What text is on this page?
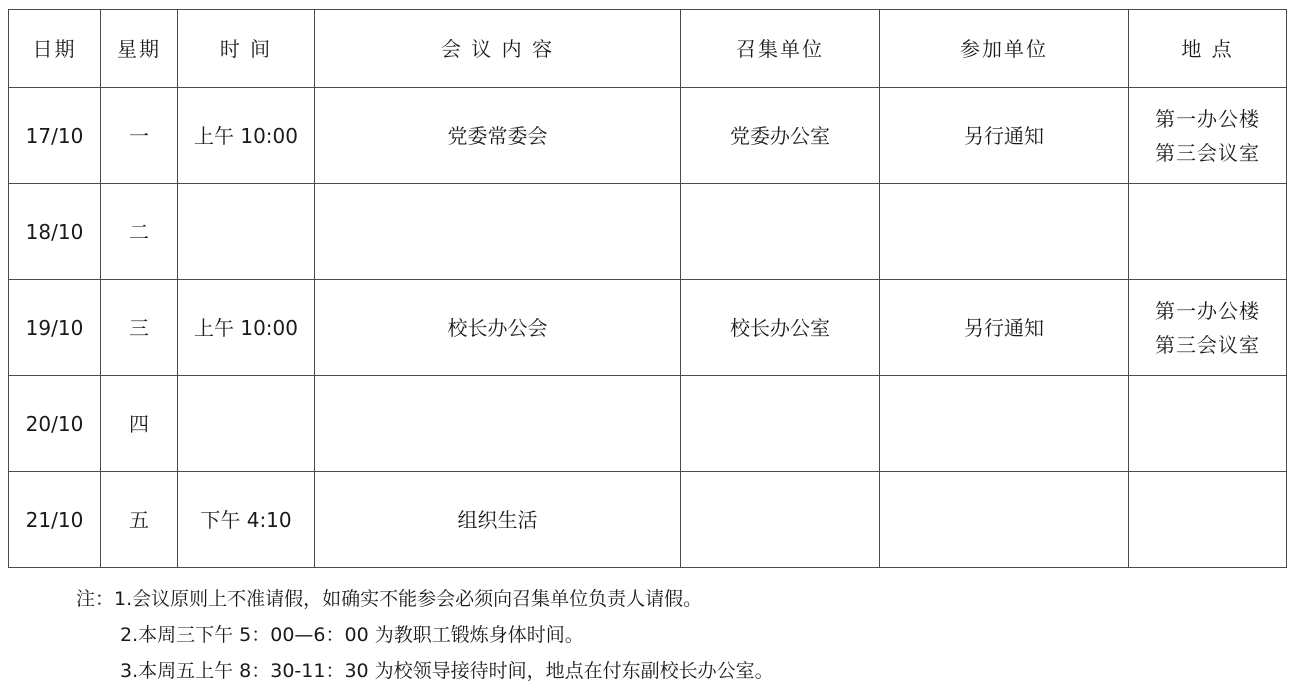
日期	星期	时 间	会 议 内 容	召集单位	参加单位	地 点
17/10	一	上午 10:00	党委常委会	党委办公室	另行通知	第一办公楼
第三会议室

18/10	二					

19/10	三	上午 10:00	校长办公会	校长办公室	另行通知	第一办公楼
第三会议室

20/10	四					

21/10	五	下午 4:10	组织生活			
注：1.会议原则上不准请假，如确实不能参会必须向召集单位负责人请假。
2.本周三下午 5：00—6：00 为教职工锻炼身体时间。
3.本周五上午 8：30-11：30 为校领导接待时间，地点在付东副校长办公室。
